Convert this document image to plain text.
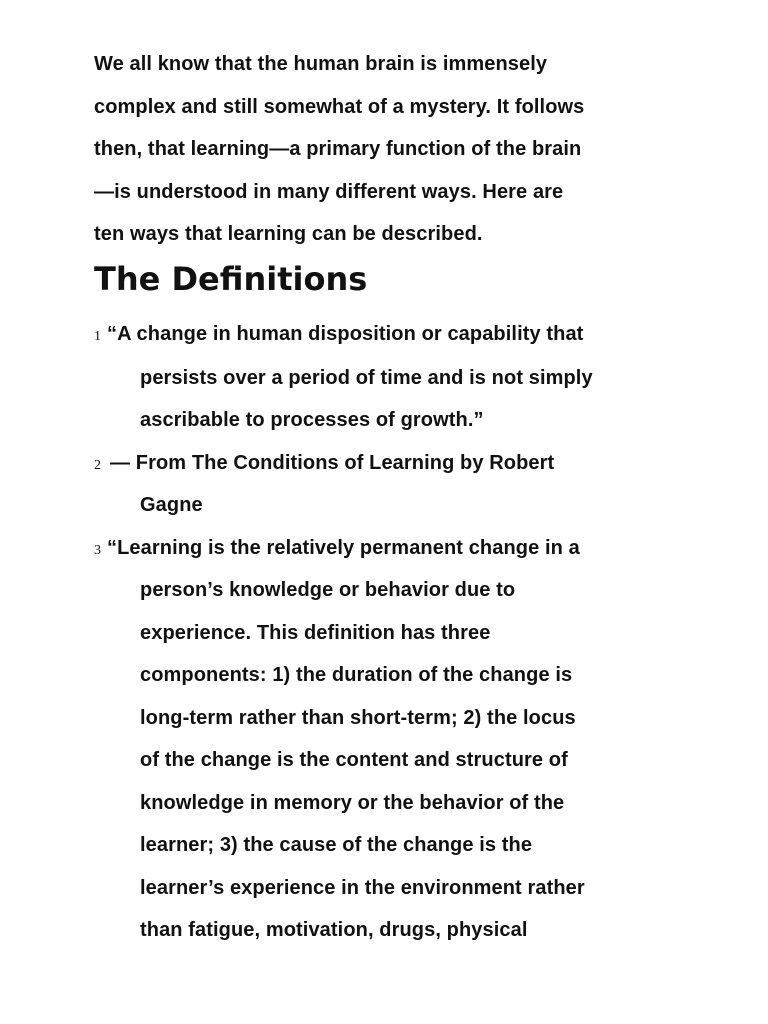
We all know that the human brain is immensely
complex and still somewhat of a mystery. It follows
then, that learning—a primary function of the brain
—is understood in many different ways. Here are
ten ways that learning can be described.

The Definitions
1 “A change in human disposition or capability that
persists over a period of time and is not simply
ascribable to processes of growth.”
2 — From The Conditions of Learning by Robert
Gagne
3 “Learning is the relatively permanent change in a
person’s knowledge or behavior due to
experience. This definition has three
components: 1) the duration of the change is
long-term rather than short-term; 2) the locus
of the change is the content and structure of
knowledge in memory or the behavior of the
learner; 3) the cause of the change is the
learner’s experience in the environment rather
than fatigue, motivation, drugs, physical
